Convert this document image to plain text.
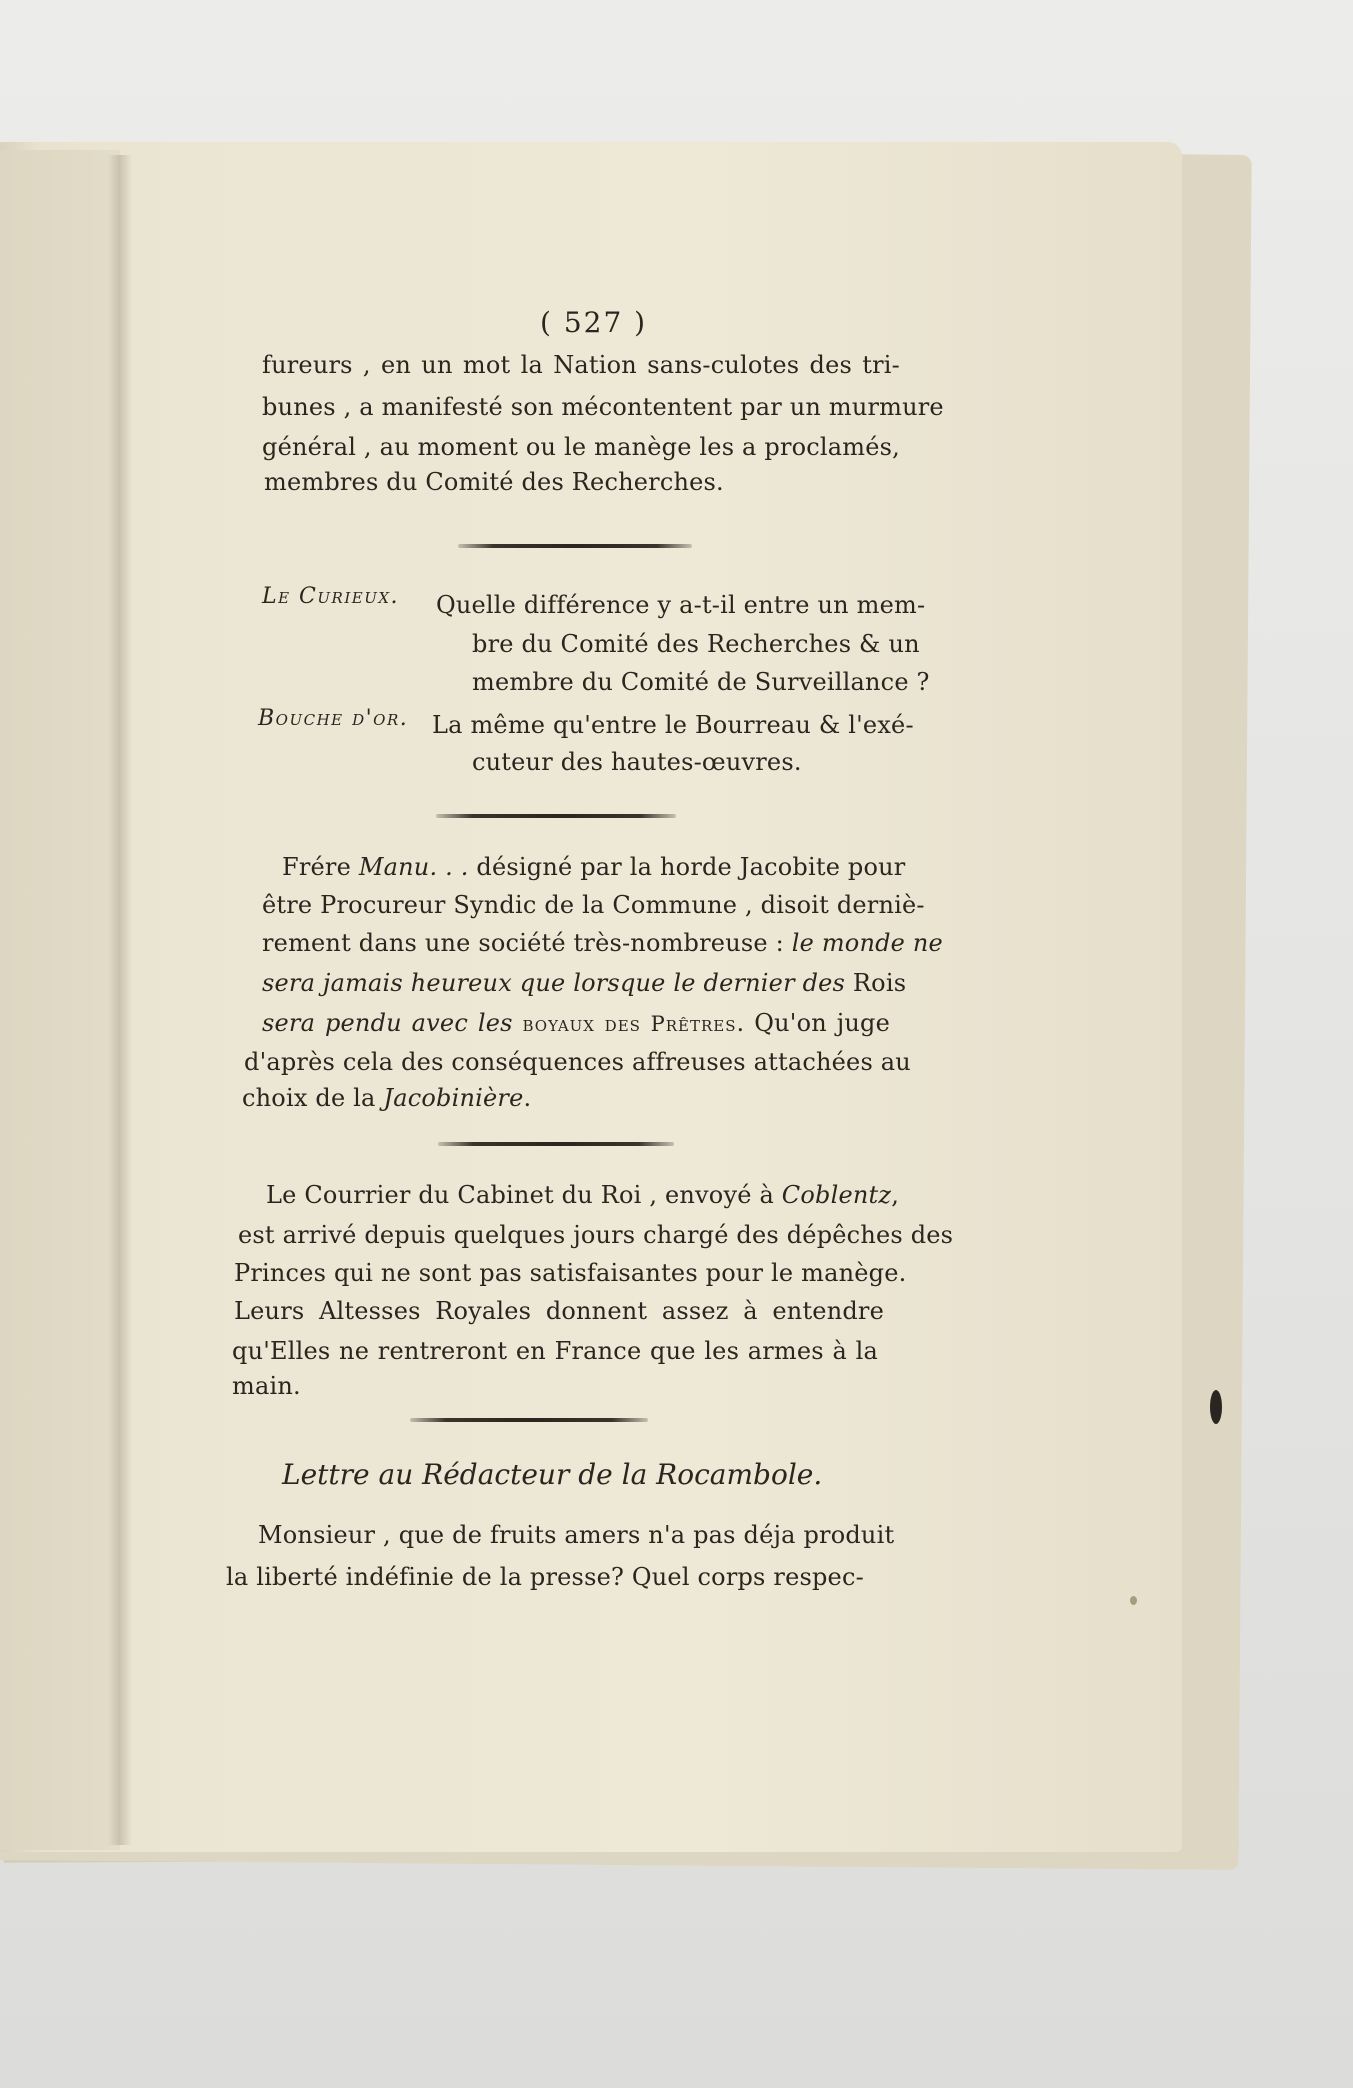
( 527 )
fureurs , en un mot la Nation sans-culotes des tri-
bunes , a manifesté son mécontentent par un murmure
général , au moment ou le manège les a proclamés,
membres du Comité des Recherches.
Le Curieux. Quelle différence y a-t-il entre un mem-
bre du Comité des Recherches & un
membre du Comité de Surveillance ?
Bouche d'or. La même qu'entre le Bourreau & l'exé-
cuteur des hautes-œuvres.
Frére Manu. . . désigné par la horde Jacobite pour
être Procureur Syndic de la Commune , disoit derniè-
rement dans une société très-nombreuse : le monde ne
sera jamais heureux que lorsque le dernier des Rois
sera pendu avec les boyaux des Prêtres. Qu'on juge
d'après cela des conséquences affreuses attachées au
choix de la Jacobinière.
Le Courrier du Cabinet du Roi , envoyé à Coblentz,
est arrivé depuis quelques jours chargé des dépêches des
Princes qui ne sont pas satisfaisantes pour le manège.
Leurs Altesses Royales donnent assez à entendre
qu'Elles ne rentreront en France que les armes à la
main.
Lettre au Rédacteur de la Rocambole.
Monsieur , que de fruits amers n'a pas déja produit
la liberté indéfinie de la presse? Quel corps respec-
